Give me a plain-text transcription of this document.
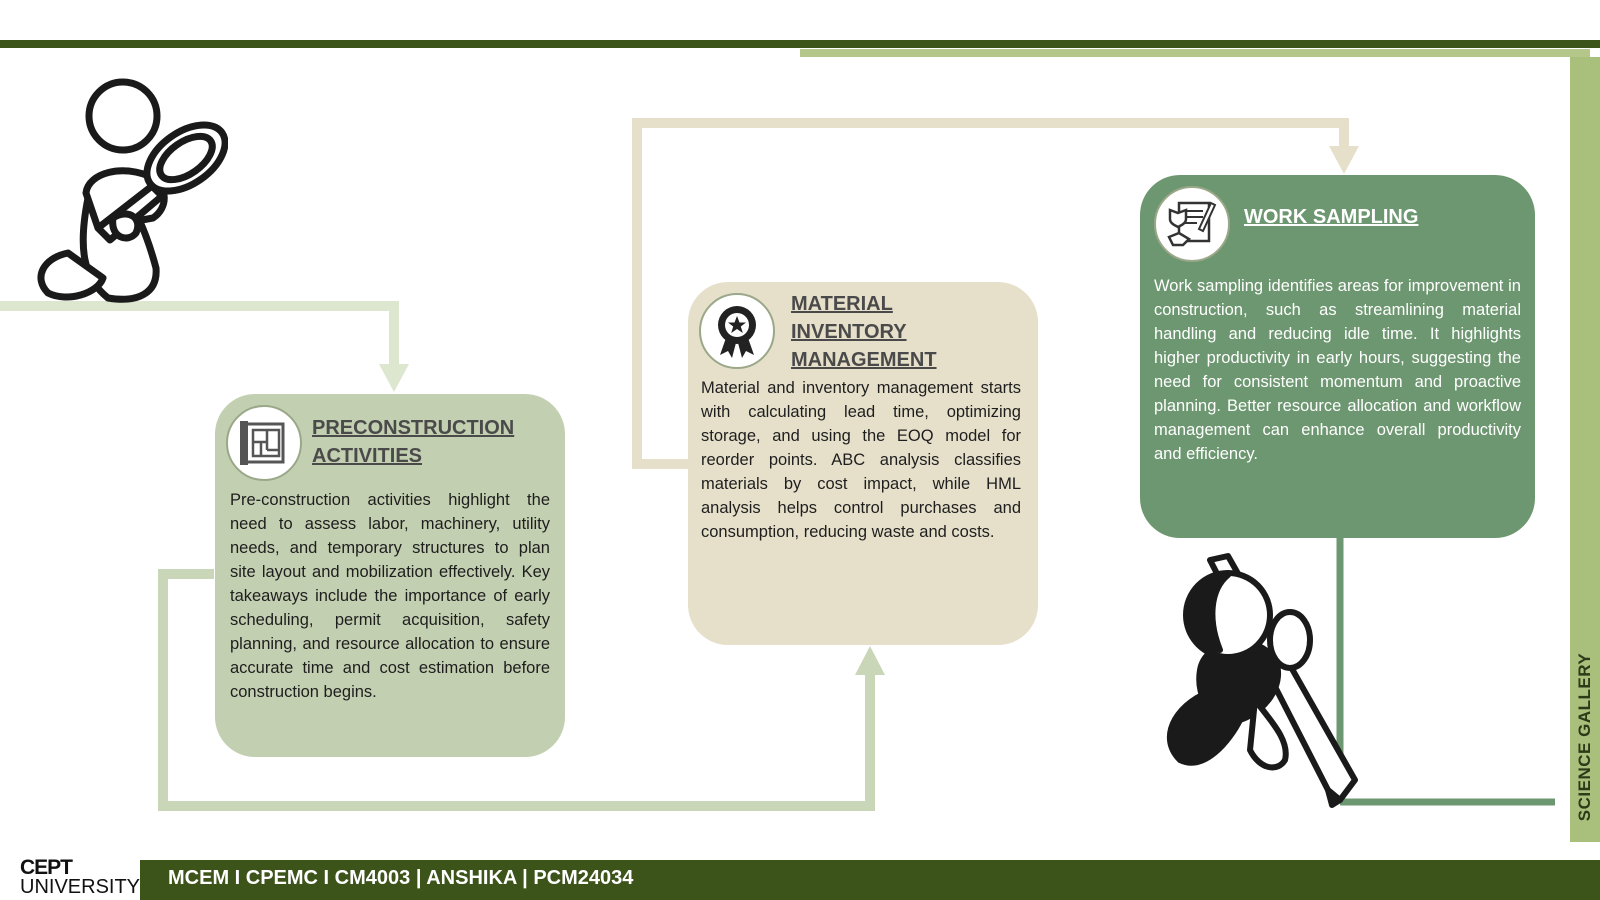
SCIENCE GALLERY
PRECONSTRUCTION
ACTIVITIES
Pre-construction activities highlight the need to assess labor, machinery, utility needs, and temporary structures to plan site layout and mobilization effectively. Key takeaways include the importance of early scheduling, permit acquisition, safety planning, and resource allocation to ensure accurate time and cost estimation before construction begins.
MATERIAL
INVENTORY
MANAGEMENT
Material and inventory management starts with calculating lead time, optimizing storage, and using the EOQ model for reorder points. ABC analysis classifies materials by cost impact, while HML analysis helps control purchases and consumption, reducing waste and costs.
WORK SAMPLING
Work sampling identifies areas for improvement in construction, such as streamlining material handling and reducing idle time. It highlights higher productivity in early hours, suggesting the need for consistent momentum and proactive planning. Better resource allocation and workflow management can enhance overall productivity and efficiency.
CEPT
UNIVERSITY MCEM I CPEMC I CM4003 | ANSHIKA | PCM24034
